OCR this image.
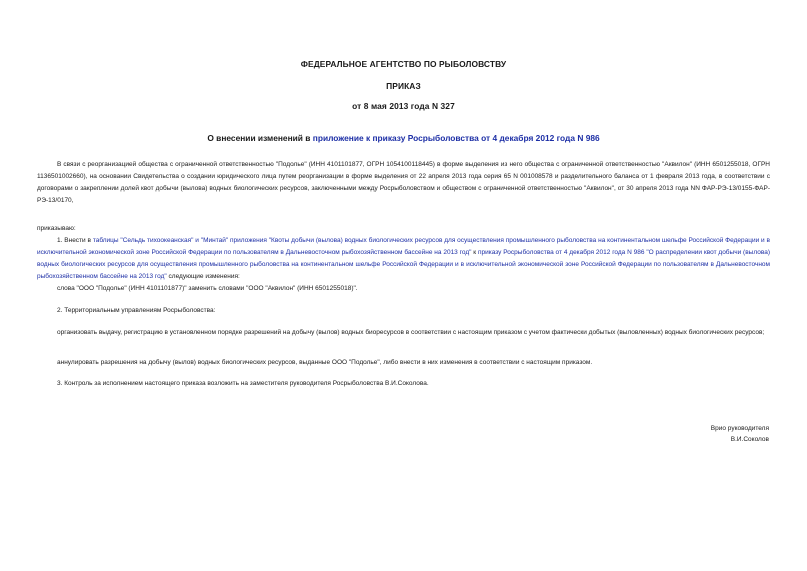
ФЕДЕРАЛЬНОЕ АГЕНТСТВО ПО РЫБОЛОВСТВУ
ПРИКАЗ
от 8 мая 2013 года N 327
О внесении изменений в приложение к приказу Росрыболовства от 4 декабря 2012 года N 986

В связи с реорганизацией общества с ограниченной ответственностью "Подолье" (ИНН 4101101877, ОГРН 1054100118445) в форме выделения из него общества с ограниченной ответственностью "Аквилон" (ИНН 6501255018, ОГРН 1136501002660), на основании Свидетельства о создании юридического лица путем реорганизации в форме выделения от 22 апреля 2013 года серия 65 N 001008578 и разделительного баланса от 1 февраля 2013 года, в соответствии с договорами о закреплении долей квот добычи (вылова) водных биологических ресурсов, заключенными между Росрыболовством и обществом с ограниченной ответственностью "Аквилон", от 30 апреля 2013 года NN ФАР-РЭ-13/0155-ФАР-РЭ-13/0170,

приказываю:

1. Внести в таблицы "Сельдь тихоокеанская" и "Минтай" приложения "Квоты добычи (вылова) водных биологических ресурсов для осуществления промышленного рыболовства на континентальном шельфе Российской Федерации и в исключительной экономической зоне Российской Федерации по пользователям в Дальневосточном рыбохозяйственном бассейне на 2013 год" к приказу Росрыболовства от 4 декабря 2012 года N 986 "О распределении квот добычи (вылова) водных биологических ресурсов для осуществления промышленного рыболовства на континентальном шельфе Российской Федерации и в исключительной экономической зоне Российской Федерации по пользователям в Дальневосточном рыбохозяйственном бассейне на 2013 год" следующие изменения:

слова "ООО "Подолье" (ИНН 4101101877)" заменить словами "ООО "Аквилон" (ИНН 6501255018)".

2. Территориальным управлениям Росрыболовства:

организовать выдачу, регистрацию в установленном порядке разрешений на добычу (вылов) водных биоресурсов в соответствии с настоящим приказом с учетом фактически добытых (выловленных) водных биологических ресурсов;

аннулировать разрешения на добычу (вылов) водных биологических ресурсов, выданные ООО "Подолье", либо внести в них изменения в соответствии с настоящим приказом.

3. Контроль за исполнением настоящего приказа возложить на заместителя руководителя Росрыболовства В.И.Соколова.

Врио руководителя
В.И.Соколов
